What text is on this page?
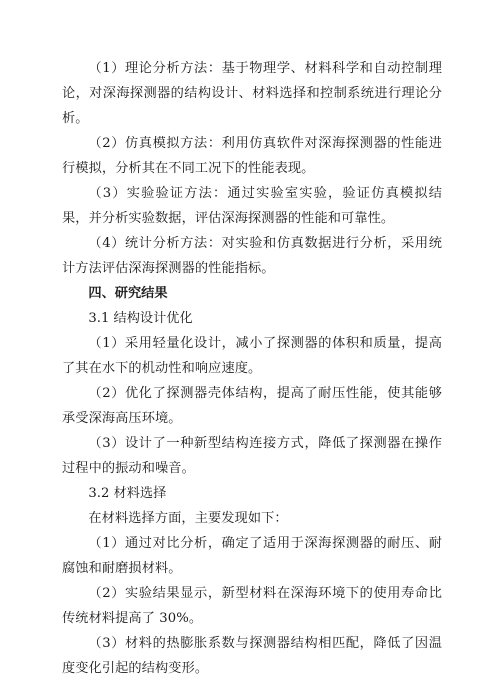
（1）理论分析方法：基于物理学、材料科学和自动控制理论，对深海探测器的结构设计、材料选择和控制系统进行理论分析。

（2）仿真模拟方法：利用仿真软件对深海探测器的性能进行模拟，分析其在不同工况下的性能表现。

（3）实验验证方法：通过实验室实验，验证仿真模拟结果，并分析实验数据，评估深海探测器的性能和可靠性。

（4）统计分析方法：对实验和仿真数据进行分析，采用统计方法评估深海探测器的性能指标。

四、研究结果

3.1 结构设计优化

（1）采用轻量化设计，减小了探测器的体积和质量，提高了其在水下的机动性和响应速度。

（2）优化了探测器壳体结构，提高了耐压性能，使其能够承受深海高压环境。

（3）设计了一种新型结构连接方式，降低了探测器在操作过程中的振动和噪音。

3.2 材料选择

在材料选择方面，主要发现如下：

（1）通过对比分析，确定了适用于深海探测器的耐压、耐腐蚀和耐磨损材料。

（2）实验结果显示，新型材料在深海环境下的使用寿命比传统材料提高了 30%。

（3）材料的热膨胀系数与探测器结构相匹配，降低了因温度变化引起的结构变形。
